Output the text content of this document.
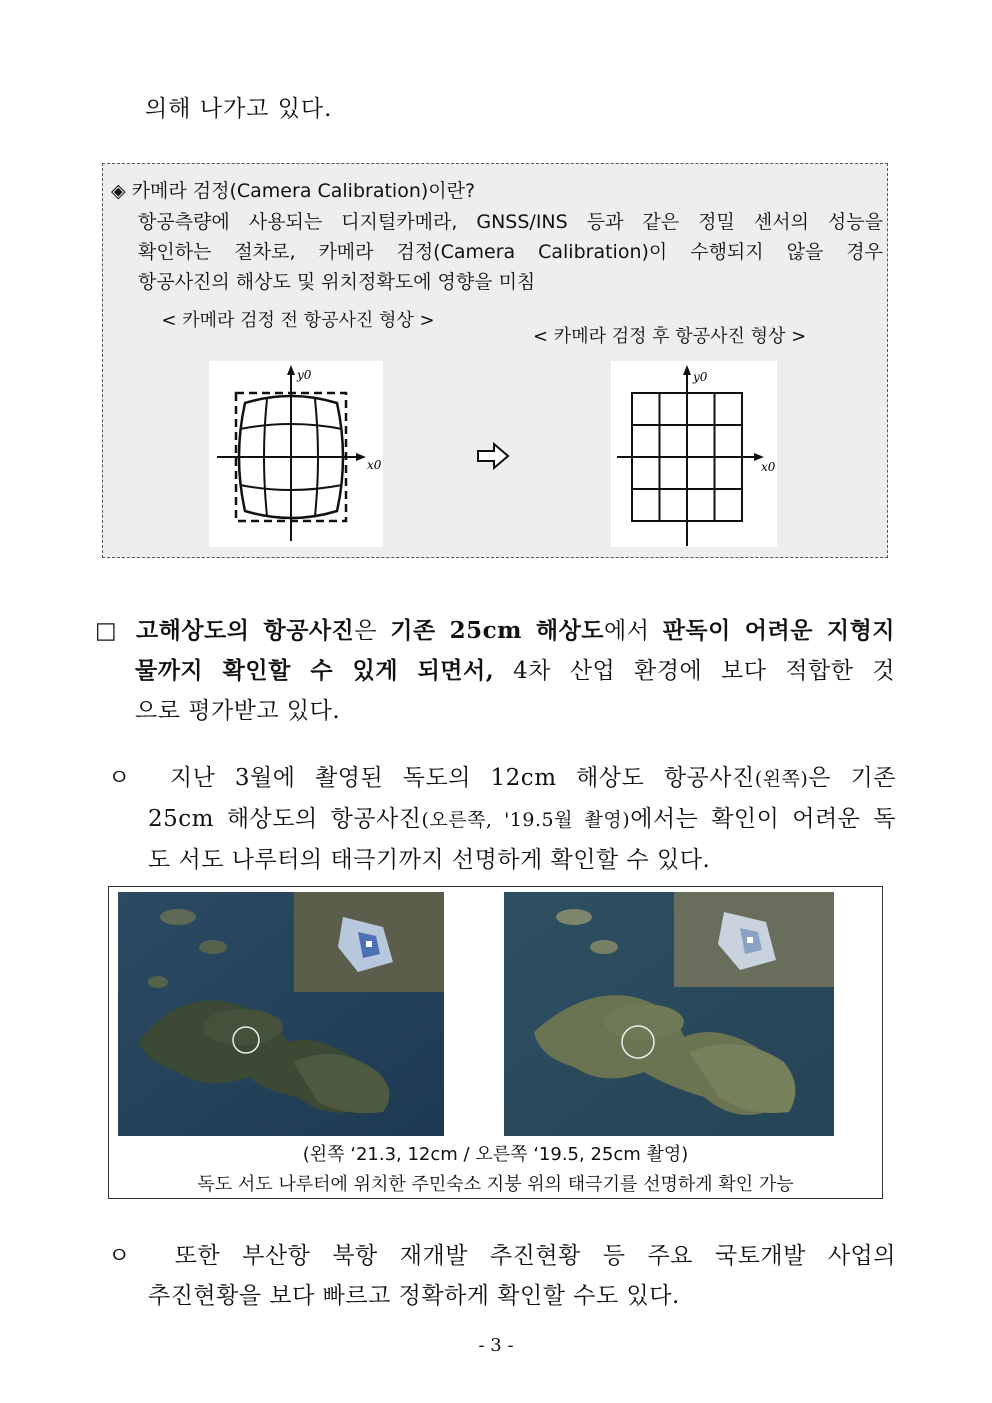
의해 나가고 있다.
◈ 카메라 검정(Camera Calibration)이란?
항공측량에 사용되는 디지털카메라, GNSS/INS 등과 같은 정밀 센서의 성능을
확인하는 절차로, 카메라 검정(Camera Calibration)이 수행되지 않을 경우
항공사진의 해상도 및 위치정확도에 영향을 미침
< 카메라 검정 전 항공사진 형상 >
< 카메라 검정 후 항공사진 형상 >
y0
x0
y0
x0
□ 고해상도의 항공사진은 기존 25cm 해상도에서 판독이 어려운 지형지
물까지 확인할 수 있게 되면서, 4차 산업 환경에 보다 적합한 것
으로 평가받고 있다.
ㅇ 지난 3월에 촬영된 독도의 12cm 해상도 항공사진(왼쪽)은 기존
25cm 해상도의 항공사진(오른쪽, '19.5월 촬영)에서는 확인이 어려운 독
도 서도 나루터의 태극기까지 선명하게 확인할 수 있다.
(왼쪽 ‘21.3, 12cm / 오른쪽 ‘19.5, 25cm 촬영)
독도 서도 나루터에 위치한 주민숙소 지붕 위의 태극기를 선명하게 확인 가능
ㅇ 또한 부산항 북항 재개발 추진현황 등 주요 국토개발 사업의
추진현황을 보다 빠르고 정확하게 확인할 수도 있다.
- 3 -
